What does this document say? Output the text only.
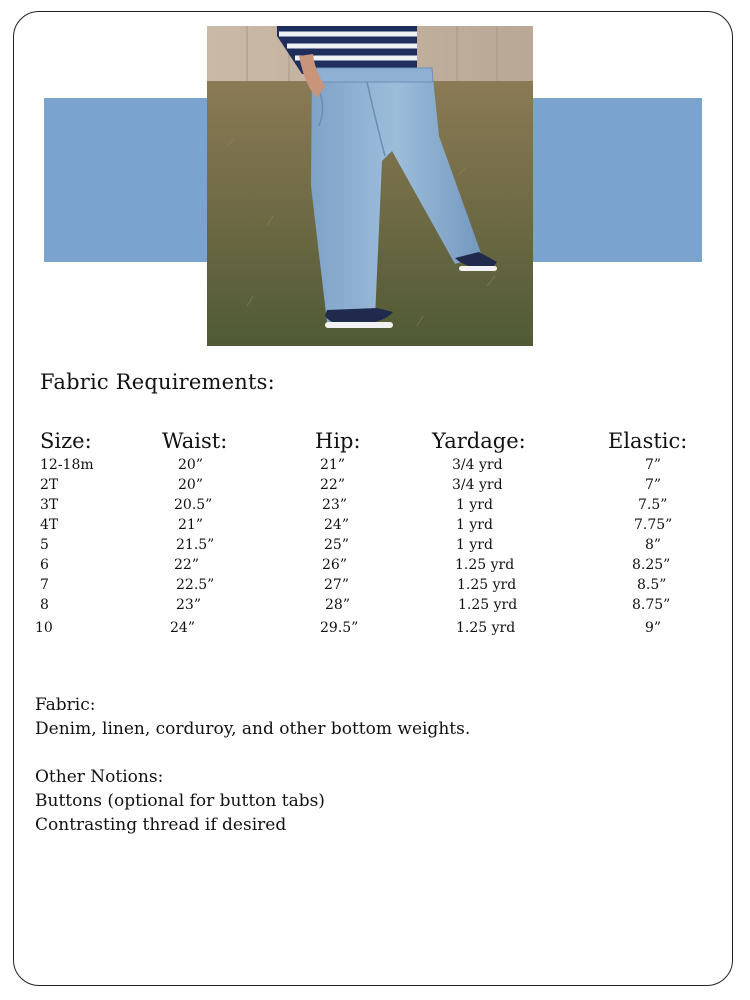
Fabric Requirements:
Size:	Waist:	Hip:	Yardage:	Elastic:
12-18m	20”	21”	3/4 yrd	7”
2T	20”	22”	3/4 yrd	7”
3T	20.5”	23”	1 yrd	7.5”
4T	21”	24”	1 yrd	7.75”
5	21.5”	25”	1 yrd	8”
6	22”	26”	1.25 yrd	8.25”
7	22.5”	27”	1.25 yrd	8.5”
8	23”	28”	1.25 yrd	8.75”
10	24”	29.5”	1.25 yrd	9”

Fabric:

Denim, linen, corduroy, and other bottom weights.

Other Notions:

Buttons (optional for button tabs)

Contrasting thread if desired
